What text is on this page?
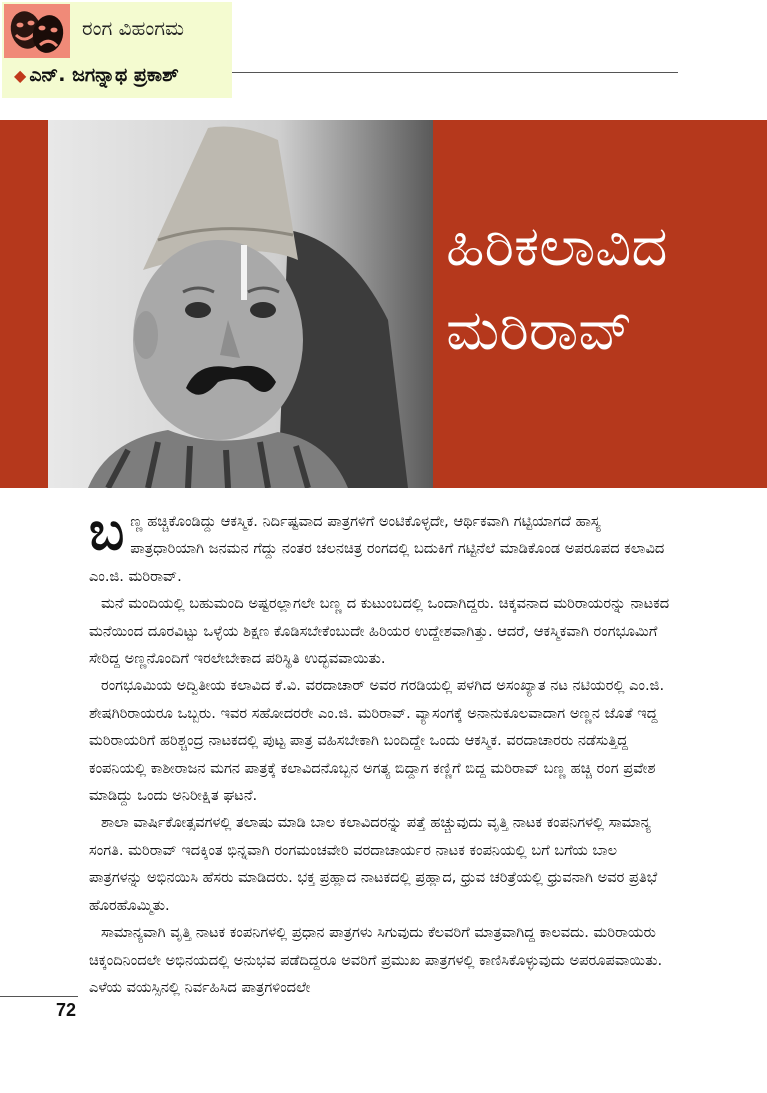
ರಂಗ ವಿಹಂಗಮ
◆ ಎನ್. ಜಗನ್ನಾಥ ಪ್ರಕಾಶ್
ಹಿರಿಕಲಾವಿದ
ಮರಿರಾವ್

ಬಣ್ಣ ಹಚ್ಚಿಕೊಂಡಿದ್ದು ಆಕಸ್ಮಿಕ. ನಿರ್ದಿಷ್ಟವಾದ ಪಾತ್ರಗಳಿಗೆ ಅಂಟಿಕೊಳ್ಳದೇ, ಆರ್ಥಿಕವಾಗಿ ಗಟ್ಟಿಯಾಗದೆ ಹಾಸ್ಯ ಪಾತ್ರಧಾರಿಯಾಗಿ ಜನಮನ ಗೆದ್ದು ನಂತರ ಚಲನಚಿತ್ರ ರಂಗದಲ್ಲಿ ಬದುಕಿಗೆ ಗಟ್ಟಿನೆಲೆ ಮಾಡಿಕೊಂಡ ಅಪರೂಪದ ಕಲಾವಿದ ಎಂ.ಜಿ. ಮರಿರಾವ್.

ಮನೆ ಮಂದಿಯಲ್ಲಿ ಬಹುಮಂದಿ ಅಷ್ಟರಲ್ಲಾಗಲೇ ಬಣ್ಣ ದ ಕುಟುಂಬದಲ್ಲಿ ಒಂದಾಗಿದ್ದರು. ಚಿಕ್ಕವನಾದ ಮರಿರಾಯರನ್ನು ನಾಟಕದ ಮನೆಯಿಂದ ದೂರವಿಟ್ಟು ಒಳ್ಳೆಯ ಶಿಕ್ಷಣ ಕೊಡಿಸಬೇಕೆಂಬುದೇ ಹಿರಿಯರ ಉದ್ದೇಶವಾಗಿತ್ತು. ಆದರೆ, ಆಕಸ್ಮಿಕವಾಗಿ ರಂಗಭೂಮಿಗೆ ಸೇರಿದ್ದ ಅಣ್ಣನೊಂದಿಗೆ ಇರಲೇಬೇಕಾದ ಪರಿಸ್ಥಿತಿ ಉದ್ಭವವಾಯಿತು.

ರಂಗಭೂಮಿಯ ಅದ್ವಿತೀಯ ಕಲಾವಿದ ಕೆ.ವಿ. ವರದಾಚಾರ್ ಅವರ ಗರಡಿಯಲ್ಲಿ ಪಳಗಿದ ಅಸಂಖ್ಯಾತ ನಟ ನಟಿಯರಲ್ಲಿ ಎಂ.ಜಿ. ಶೇಷಗಿರಿರಾಯರೂ ಒಬ್ಬರು. ಇವರ ಸಹೋದರರೇ ಎಂ.ಜಿ. ಮರಿರಾವ್. ವ್ಯಾಸಂಗಕ್ಕೆ ಅನಾನುಕೂಲವಾದಾಗ ಅಣ್ಣನ ಜೊತೆ ಇದ್ದ ಮರಿರಾಯರಿಗೆ ಹರಿಶ್ಚಂದ್ರ ನಾಟಕದಲ್ಲಿ ಪುಟ್ಟ ಪಾತ್ರ ವಹಿಸಬೇಕಾಗಿ ಬಂದಿದ್ದೇ ಒಂದು ಆಕಸ್ಮಿಕ. ವರದಾಚಾರರು ನಡೆಸುತ್ತಿದ್ದ ಕಂಪನಿಯಲ್ಲಿ ಕಾಶೀರಾಜನ ಮಗನ ಪಾತ್ರಕ್ಕೆ ಕಲಾವಿದನೊಬ್ಬನ ಅಗತ್ಯ ಬಿದ್ದಾಗ ಕಣ್ಣಿಗೆ ಬಿದ್ದ ಮರಿರಾವ್ ಬಣ್ಣ ಹಚ್ಚಿ ರಂಗ ಪ್ರವೇಶ ಮಾಡಿದ್ದು ಒಂದು ಅನಿರೀಕ್ಷಿತ ಘಟನೆ.

ಶಾಲಾ ವಾರ್ಷಿಕೋತ್ಸವಗಳಲ್ಲಿ ತಲಾಷು ಮಾಡಿ ಬಾಲ ಕಲಾವಿದರನ್ನು ಪತ್ತೆ ಹಚ್ಚುವುದು ವೃತ್ತಿ ನಾಟಕ ಕಂಪನಿಗಳಲ್ಲಿ ಸಾಮಾನ್ಯ ಸಂಗತಿ. ಮರಿರಾವ್ ಇದಕ್ಕಿಂತ ಭಿನ್ನವಾಗಿ ರಂಗಮಂಚವೇರಿ ವರದಾಚಾರ್ಯರ ನಾಟಕ ಕಂಪನಿಯಲ್ಲಿ ಬಗೆ ಬಗೆಯ ಬಾಲ ಪಾತ್ರಗಳನ್ನು ಅಭಿನಯಿಸಿ ಹೆಸರು ಮಾಡಿದರು. ಭಕ್ತ ಪ್ರಹ್ಲಾದ ನಾಟಕದಲ್ಲಿ ಪ್ರಹ್ಲಾದ, ಧ್ರುವ ಚರಿತ್ರೆಯಲ್ಲಿ ಧ್ರುವನಾಗಿ ಅವರ ಪ್ರತಿಭೆ ಹೊರಹೊಮ್ಮಿತು.

ಸಾಮಾನ್ಯವಾಗಿ ವೃತ್ತಿ ನಾಟಕ ಕಂಪನಿಗಳಲ್ಲಿ ಪ್ರಧಾನ ಪಾತ್ರಗಳು ಸಿಗುವುದು ಕೆಲವರಿಗೆ ಮಾತ್ರವಾಗಿದ್ದ ಕಾಲವದು. ಮರಿರಾಯರು ಚಿಕ್ಕಂದಿನಿಂದಲೇ ಅಭಿನಯದಲ್ಲಿ ಅನುಭವ ಪಡೆದಿದ್ದರೂ ಅವರಿಗೆ ಪ್ರಮುಖ ಪಾತ್ರಗಳಲ್ಲಿ ಕಾಣಿಸಿಕೊಳ್ಳುವುದು ಅಪರೂಪವಾಯಿತು. ಎಳೆಯ ವಯಸ್ಸಿನಲ್ಲಿ ನಿರ್ವಹಿಸಿದ ಪಾತ್ರಗಳಿಂದಲೇ

72
